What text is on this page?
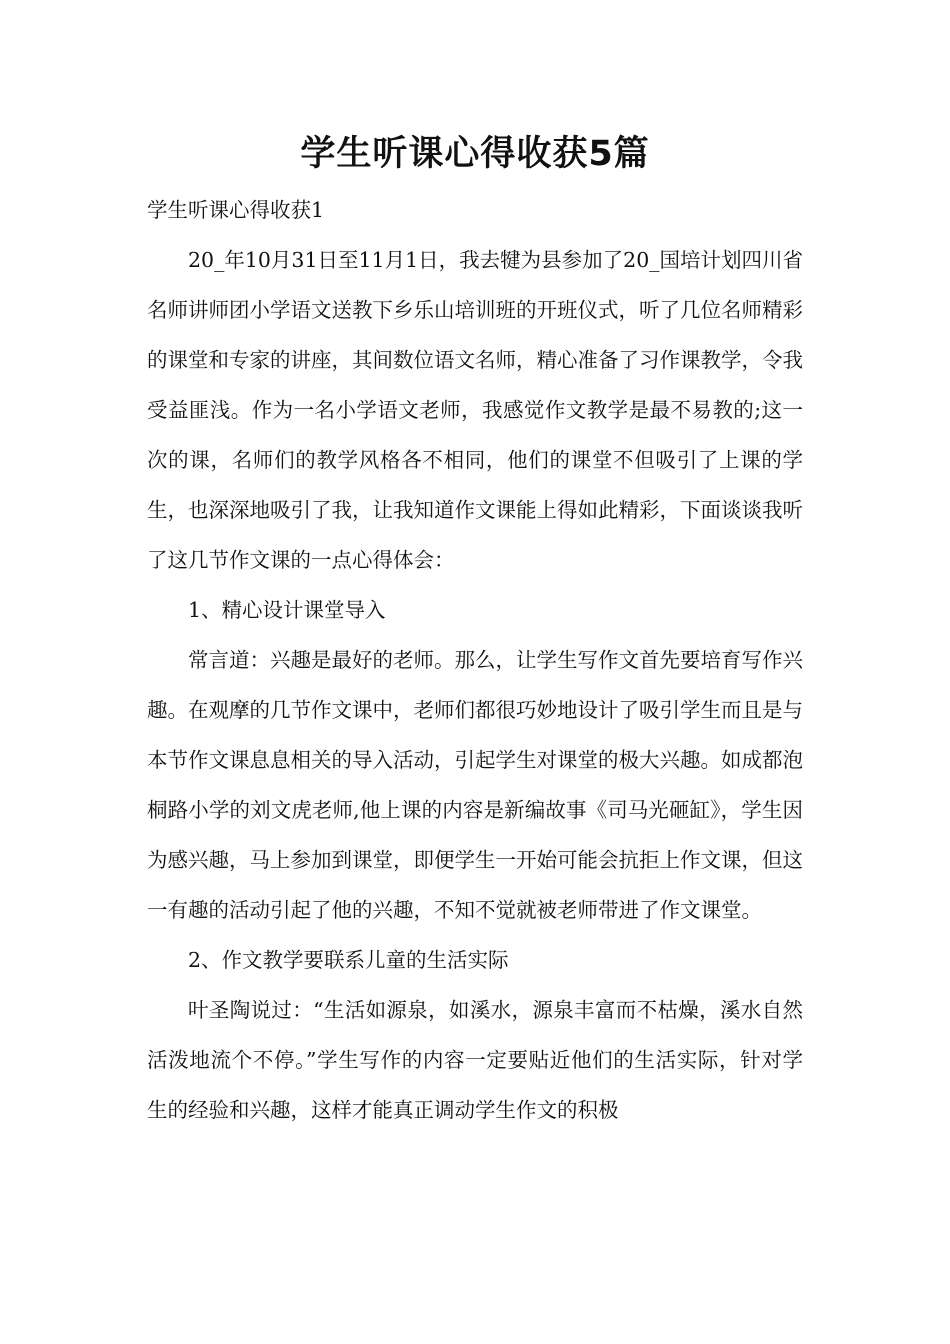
学生听课心得收获5篇

学生听课心得收获1

20_年10月31日至11月1日，我去犍为县参加了20_国培计划四川省名师讲师团小学语文送教下乡乐山培训班的开班仪式，听了几位名师精彩的课堂和专家的讲座，其间数位语文名师，精心准备了习作课教学，令我受益匪浅。作为一名小学语文老师，我感觉作文教学是最不易教的;这一次的课，名师们的教学风格各不相同，他们的课堂不但吸引了上课的学生，也深深地吸引了我，让我知道作文课能上得如此精彩，下面谈谈我听了这几节作文课的一点心得体会：

1、精心设计课堂导入

常言道：兴趣是最好的老师。那么，让学生写作文首先要培育写作兴趣。在观摩的几节作文课中，老师们都很巧妙地设计了吸引学生而且是与本节作文课息息相关的导入活动，引起学生对课堂的极大兴趣。如成都泡桐路小学的刘文虎老师,他上课的内容是新编故事《司马光砸缸》，学生因为感兴趣，马上参加到课堂，即便学生一开始可能会抗拒上作文课，但这一有趣的活动引起了他的兴趣，不知不觉就被老师带进了作文课堂。

2、作文教学要联系儿童的生活实际

叶圣陶说过：“生活如源泉，如溪水，源泉丰富而不枯燥，溪水自然活泼地流个不停。”学生写作的内容一定要贴近他们的生活实际，针对学生的经验和兴趣，这样才能真正调动学生作文的积极
